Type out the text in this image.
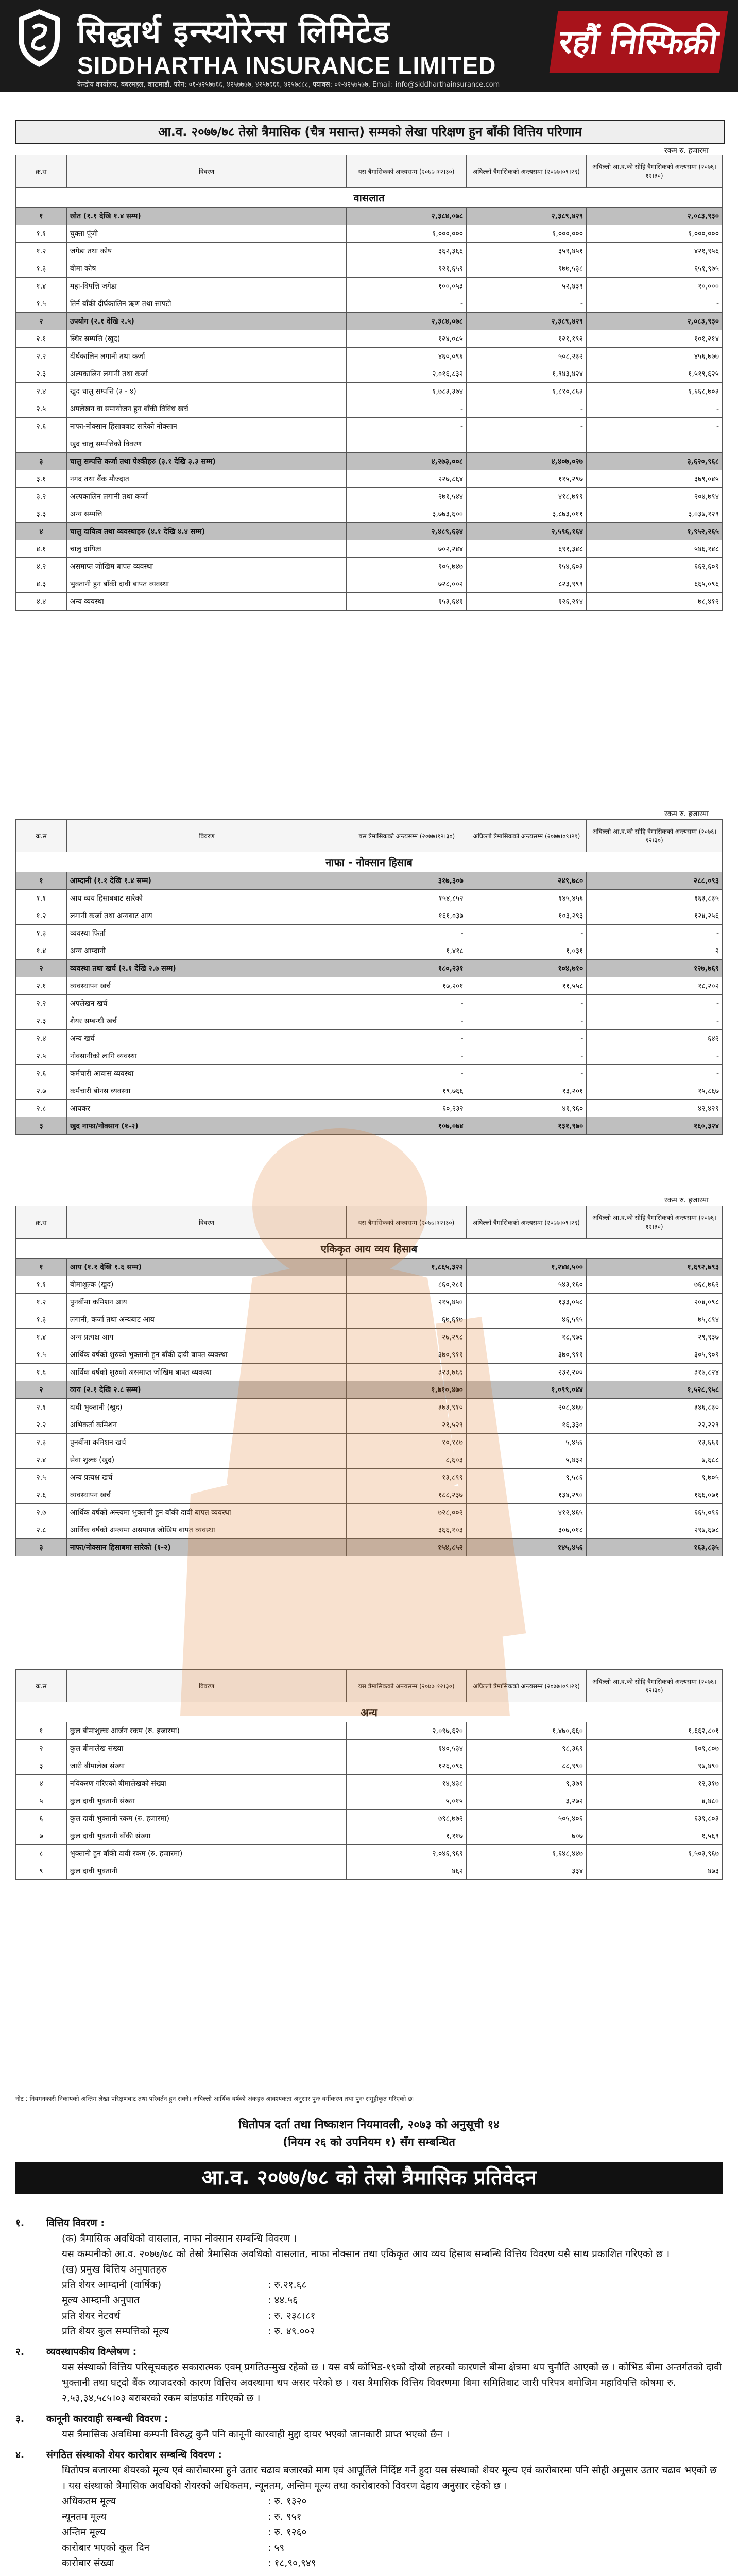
सिद्धार्थ इन्स्योरेन्स लिमिटेड
SIDDHARTHA INSURANCE LIMITED
केन्द्रीय कार्यालय, बबरमहल, काठमाडौं, फोन: ०१-४२५७७६६, ४२५७७७७, ४२५७६६६, ४२५७८८८, फ्याक्स: ०१-४२५७५७७, Email: info@siddharthainsurance.com
रहौं निस्फिक्री
आ.व. २०७७/७८ तेस्रो त्रैमासिक (चैत्र मसान्त) सम्मको लेखा परिक्षण हुन बाँकी वित्तिय परिणाम
रकम रु. हजारमा
क्र.स	विवरण	यस त्रैमासिकको अन्त्यसम्म (२०७७।१२।३०)	अघिल्लो त्रैमासिकको अन्त्यसम्म (२०७७।०९।२९)	अघिल्लो आ.व.को सोहि त्रैमासिकको अन्त्यसम्म (२०७६।१२।३०)
वासलात				
१	स्रोत (१.१ देखि १.४ सम्म)	२,३८४,०७८	२,३८९,४२९	२,०८३,९३०
१.१	चुक्ता पूंजी	१,०००,०००	१,०००,०००	१,०००,०००
१.२	जगेडा तथा कोष	३६२,३६६	३५९,४५१	४२१,९५६
१.३	बीमा कोष	९२१,६५९	९७७,५३८	६५१,९७५
१.४	महा-विपत्ति जगेडा	१००,०५३	५२,४३९	१०,०००
१.५	तिर्न बाँकी दीर्घकालिन ऋण तथा सापटी	-	-	-
२	उपयोग (२.१ देखि २.५)	२,३८४,०७८	२,३८९,४२९	२,०८३,९३०
२.१	स्थिर सम्पत्ति (खुद)	१२४,०८५	१२१,१९२	१०१,२१४
२.२	दीर्घकालिन लगानी तथा कर्जा	४६०,०९६	५०८,२३२	४५६,७७७
२.३	अल्पकालिन लगानी तथा कर्जा	२,०१६,८३२	१,९४३,४२४	१,५१९,६२५
२.४	खुद चालु सम्पत्ति (३ - ४)	१,७८३,३७४	१,८१०,८६३	१,६६८,७०३
२.५	अपलेखन वा समायोजन हुन बाँकी विविध खर्च	-	-	-
२.६	नाफा-नोक्सान हिसाबबाट सारेको नोक्सान	-	-	-
	खुद चालु सम्पत्तिको विवरण			
३	चालु सम्पत्ति कर्जा तथा पेश्कीहरु (३.१ देखि ३.३ सम्म)	४,२७३,००८	४,४०७,०२७	३,६२०,९६८
३.१	नगद तथा बैंक मौज्दात	२२७,८६४	११५,२९७	३७९,०४५
३.२	अल्पकालिन लगानी तथा कर्जा	२७१,५४४	४१८,७१९	२०४,७९४
३.३	अन्य सम्पत्ति	३,७७३,६००	३,८७३,०११	३,०३७,१२९
४	चालु दायित्व तथा व्यवस्थाहरु (४.१ देखि ४.४ सम्म)	२,४८९,६३४	२,५९६,१६४	१,९५२,२६५
४.१	चालु दायित्व	७०२,२४४	६९१,३४८	५४६,१४८
४.२	असमाप्त जोखिम बापत व्यवस्था	९०५,७४७	९५४,६०३	६६२,६०९
४.३	भुक्तानी हुन बाँकी दावी बापत व्यवस्था	७२८,००२	८२३,९९९	६६५,०९६
४.४	अन्य व्यवस्था	१५३,६४१	१२६,२१४	७८,४१२
रकम रु. हजारमा
क्र.स	विवरण	यस त्रैमासिकको अन्त्यसम्म (२०७७।१२।३०)	अघिल्लो त्रैमासिकको अन्त्यसम्म (२०७७।०९।२९)	अघिल्लो आ.व.को सोहि त्रैमासिकको अन्त्यसम्म (२०७६।१२।३०)
नाफा - नोक्सान हिसाब				
१	आम्दानी (१.१ देखि १.४ सम्म)	३१७,३०७	२४९,७८०	२८८,०९३
१.१	आय व्यय हिसाबबाट सारेको	१५४,८५२	१४५,४५६	१६३,८३५
१.२	लगानी कर्जा तथा अन्यबाट आय	१६१,०३७	१०३,२९३	१२४,२५६
१.३	व्यवस्था फिर्ता	-	-	-
१.४	अन्य आम्दानी	१,४१८	१,०३१	२
२	व्यवस्था तथा खर्च (२.१ देखि २.७ सम्म)	१८०,२३१	१०४,७१०	१२७,७६९
२.१	व्यवस्थापन खर्च	१७,२०१	११,५५८	१८,२०२
२.२	अपलेखन खर्च	-	-	-
२.३	शेयर सम्बन्धी खर्च	-	-	-
२.४	अन्य खर्च	-	-	६४२
२.५	नोक्सानीको लागि व्यवस्था	-	-	-
२.६	कर्मचारी आवास व्यवस्था	-	-	-
२.७	कर्मचारी बोनस व्यवस्था	१९,७६६	१३,२०१	१५,८६७
२.८	आयकर	६०,२३२	४१,९६०	४२,४२९
३	खुद नाफा/नोक्सान (१-२)	१०७,०७४	१३१,९७०	१६०,३२४
रकम रु. हजारमा
क्र.स	विवरण	यस त्रैमासिकको अन्त्यसम्म (२०७७।१२।३०)	अघिल्लो त्रैमासिकको अन्त्यसम्म (२०७७।०९।२९)	अघिल्लो आ.व.को सोहि त्रैमासिकको अन्त्यसम्म (२०७६।१२।३०)
एकिकृत आय व्यय हिसाब				
१	आय (१.१ देखि १.६ सम्म)	१,८६५,३२२	१,२४४,५००	१,६९२,७९३
१.१	बीमाशुल्क (खुद)	८६०,२८१	५४३,१६०	७६८,७६२
१.२	पुनर्बीमा कमिशन आय	२१५,४५०	१३३,०५८	२०४,०९८
१.३	लगानी, कर्जा तथा अन्यबाट आय	६७,६१७	४६,५९५	७५,८९४
१.४	अन्य प्रत्यक्ष आय	२७,२९८	१८,९७६	२९,९३७
१.५	आर्थिक वर्षको शुरुको भुक्तानी हुन बाँकी दावी बापत व्यवस्था	३७०,९११	३७०,९११	३०५,९०९
१.६	आर्थिक वर्षको शुरुको असमाप्त जोखिम बापत व्यवस्था	३२३,७६६	२३२,२००	३१७,८२४
२	व्यय (२.१ देखि २.८ सम्म)	१,७१०,४७०	१,०९९,०४४	१,५२८,९५८
२.१	दावी भुक्तानी (खुद)	३७३,९१०	२०८,४६७	३४६,८३०
२.२	अभिकर्ता कमिशन	२१,५२९	१६,३३०	२२,२२९
२.३	पुनर्बीमा कमिशन खर्च	१०,१८७	५,४५६	१३,६६१
२.४	सेवा शुल्क (खुद)	८,६०३	५,४३२	७,६८८
२.५	अन्य प्रत्यक्ष खर्च	१३,८९९	९,५८६	९,७०५
२.६	व्यवस्थापन खर्च	१८८,२३७	१३४,२९०	१६६,०७१
२.७	आर्थिक वर्षको अन्त्यमा भुक्तानी हुन बाँकी दावी बापत व्यवस्था	७२८,००२	४१२,४६५	६६५,०९६
२.८	आर्थिक वर्षको अन्त्यमा असमाप्त जोखिम बापत व्यवस्था	३६६,१०३	३०७,०१८	२९७,६७८
३	नाफा/नोक्सान हिसाबमा सारेको (१-२)	१५४,८५२	१४५,४५६	१६३,८३५
क्र.स	विवरण	यस त्रैमासिकको अन्त्यसम्म (२०७७।१२।३०)	अघिल्लो त्रैमासिकको अन्त्यसम्म (२०७७।०९।२९)	अघिल्लो आ.व.को सोहि त्रैमासिकको अन्त्यसम्म (२०७६।१२।३०)
अन्य				
१	कुल बीमाशुल्क आर्जन रकम (रु. हजारमा)	२,०९७,६२०	१,४७०,६६०	१,६६२,८०१
२	कुल बीमालेख संख्या	१४०,५३४	९८,३६९	१०९,८०७
३	जारी बीमालेख संख्या	१२६,०९६	८८,९९०	९७,४९०
४	नविकरण गरिएको बीमालेखको संख्या	१४,४३८	९,३७९	१२,३१७
५	कुल दावी भुक्तानी संख्या	५,०१५	३,२७२	४,४८०
६	कुल दावी भुक्तानी रकम (रु. हजारमा)	७९८,७७२	५०५,४०६	६३९,८०३
७	कुल दावी भुक्तानी बाँकी संख्या	१,११७	७०७	१,५६९
८	भुक्तानी हुन बाँकी दावी रकम (रु. हजारमा)	२,०४६,९६९	१,६४८,४४७	१,५०३,९६७
९	कुल दावी भुक्तानी	४६२	३३४	४७३
नोट : नियमनकारी निकायको अन्तिम लेखा परिक्षणबाट तथा परिवर्तन हुन सक्ने। अघिल्लो आर्थिक वर्षको अंकहरु आवश्यकता अनुसार पुनः वर्गीकरण तथा पुनः समूहीकृत गरिएको छ।
धितोपत्र दर्ता तथा निष्काशन नियमावली, २०७३ को अनुसूची १४
(नियम २६ को उपनियम १) सँग सम्बन्धित
आ.व. २०७७/७८ को तेस्रो त्रैमासिक प्रतिवेदन
१. वित्तिय विवरण :
(क) त्रैमासिक अवधिको वासलात, नाफा नोक्सान सम्बन्धि विवरण ।
यस कम्पनीको आ.व. २०७७/७८ को तेस्रो त्रैमासिक अवधिको वासलात, नाफा नोक्सान तथा एकिकृत आय व्यय हिसाब सम्बन्धि वित्तिय विवरण यसै साथ प्रकाशित गरिएको छ ।
(ख) प्रमुख वित्तिय अनुपातहरु
प्रति शेयर आम्दानी (वार्षिक)	: रु.२१.६८
मूल्य आम्दानी अनुपात	: ४४.५६
प्रति शेयर नेटवर्थ	: रु. २३८।८१
प्रति शेयर कुल सम्पत्तिको मूल्य	: रु. ४९.००२
२. व्यवस्थापकीय विश्लेषण :
यस संस्थाको वित्तिय परिसूचकहरु सकारात्मक एवम् प्रगतिउन्मुख रहेको छ । यस वर्ष कोभिड-१९को दोस्रो लहरको कारणले बीमा क्षेत्रमा थप चुनौति आएको छ । कोभिड बीमा अन्तर्गतको दावी भुक्तानी तथा घट्दो बैंक व्याजदरको कारण वित्तिय अवस्थामा थप असर परेको छ । यस त्रैमासिक वित्तिय विवरणमा बिमा समितिबाट जारी परिपत्र बमोजिम महाविपत्ति कोषमा रु. २,५३,३४,५८५।०३ बराबरको रकम बांडफांड गरिएको छ ।
३. कानूनी कारवाही सम्बन्धी विवरण :
यस त्रैमासिक अवधिमा कम्पनी विरुद्ध कुनै पनि कानूनी कारवाही मुद्दा दायर भएको जानकारी प्राप्त भएको छैन ।
४. संगठित संस्थाको शेयर कारोबार सम्बन्धि विवरण :
धितोपत्र बजारमा शेयरको मूल्य एवं कारोबारमा हुने उतार चढाव बजारको माग एवं आपूर्तिले निर्दिष्ट गर्ने हुदा यस संस्थाको शेयर मूल्य एवं कारोबारमा पनि सोही अनुसार उतार चढाव भएको छ । यस संस्थाको त्रैमासिक अवधिको शेयरको अधिकतम, न्यूनतम, अन्तिम मूल्य तथा कारोबारको विवरण देहाय अनुसार रहेको छ ।
अधिकतम मूल्य	: रु. १३२०
न्यूनतम मूल्य	: रु. ९५१
अन्तिम मूल्य	: रु. १२६०
कारोबार भएको कूल दिन	: ५९
कारोबार संख्या	: १८,९०,९४९
